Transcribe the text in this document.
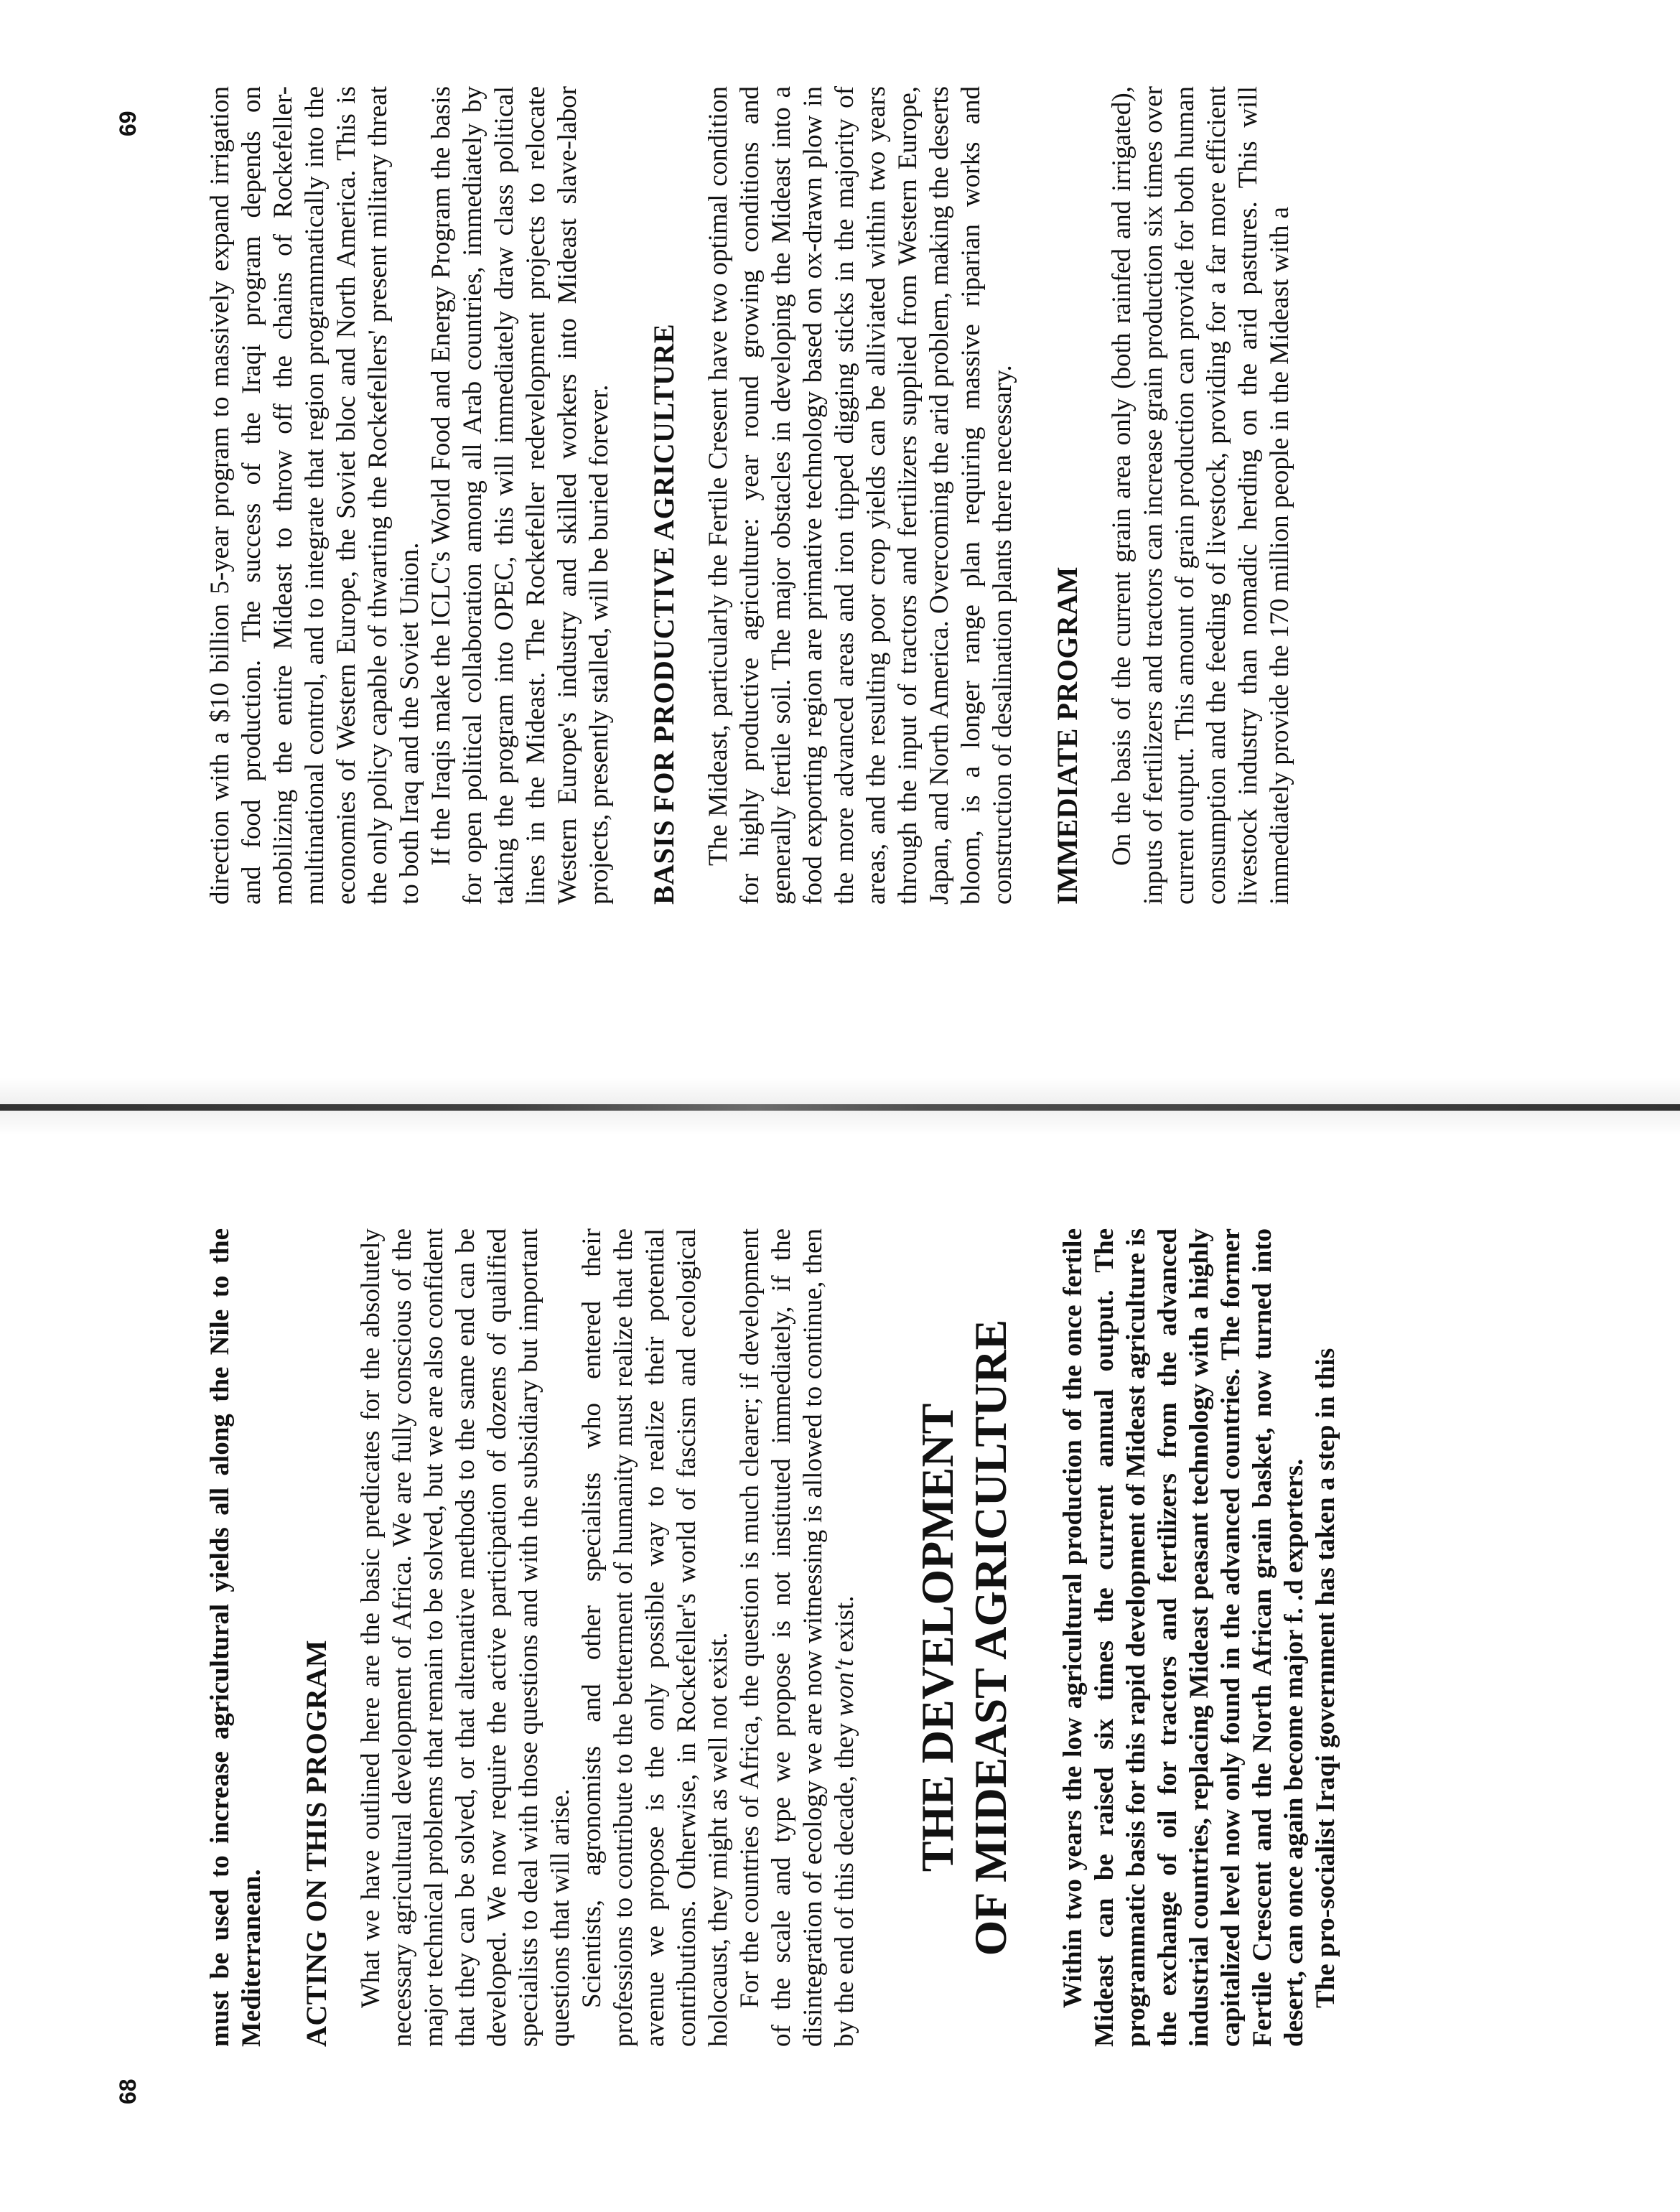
68

must be used to increase agricultural yields all along the Nile to the Mediterranean. ACTING ON THIS PROGRAM What we have outlined here are the basic predicates for the absolutely necessary agricultural development of Africa. We are fully conscious of the major technical problems that remain to be solved, but we are also confident that they can be solved, or that alternative methods to the same end can be developed. We now require the active participation of dozens of qualified specialists to deal with those questions and with the subsidiary but important questions that will arise. Scientists, agronomists and other specialists who entered their professions to contribute to the betterment of humanity must realize that the avenue we propose is the only possible way to realize their potential contributions. Otherwise, in Rockefeller's world of fascism and ecological holocaust, they might as well not exist. For the countries of Africa, the question is much clearer; if development of the scale and type we propose is not instituted immediately, if the disintegration of ecology we are now witnessing is allowed to continue, then by the end of this decade, they won't exist. THE DEVELOPMENT OF MIDEAST AGRICULTURE Within two years the low agricultural production of the once fertile Mideast can be raised six times the current annual output. The programmatic basis for this rapid development of Mideast agriculture is the exchange of oil for tractors and fertilizers from the advanced industrial countries, replacing Mideast peasant technology with a highly capitalized level now only found in the advanced countries. The former Fertile Crescent and the North African grain basket, now turned into desert, can once again become major f. .d exporters. The pro-socialist Iraqi government has taken a step in this

69 direction with a $10 billion 5-year program to massively expand irrigation and food production. The success of the Iraqi program depends on mobilizing the entire Mideast to throw off the chains of Rockefeller-multinational control, and to integrate that region programmatically into the economies of Western Europe, the Soviet bloc and North America. This is the only policy capable of thwarting the Rockefellers' present military threat to both Iraq and the Soviet Union. If the Iraqis make the ICLC's World Food and Energy Program the basis for open political collaboration among all Arab countries, immediately by taking the program into OPEC, this will immediately draw class political lines in the Mideast. The Rockefeller redevelopment projects to relocate Western Europe's industry and skilled workers into Mideast slave-labor projects, presently stalled, will be buried forever. BASIS FOR PRODUCTIVE AGRICULTURE The Mideast, particularly the Fertile Cresent have two optimal condition for highly productive agriculture: year round growing conditions and generally fertile soil. The major obstacles in developing the Mideast into a food exporting region are primative technology based on ox-drawn plow in the more advanced areas and iron tipped digging sticks in the majority of areas, and the resulting poor crop yields can be alliviated within two years through the input of tractors and fertilizers supplied from Western Europe, Japan, and North America. Overcoming the arid problem, making the deserts bloom, is a longer range plan requiring massive riparian works and construction of desalination plants there necessary. IMMEDIATE PROGRAM On the basis of the current grain area only (both rainfed and irrigated), inputs of fertilizers and tractors can increase grain production six times over current output. This amount of grain production can provide for both human consumption and the feeding of livestock, providing for a far more efficient livestock industry than nomadic herding on the arid pastures. This will immediately provide the 170 million people in the Mideast with a
